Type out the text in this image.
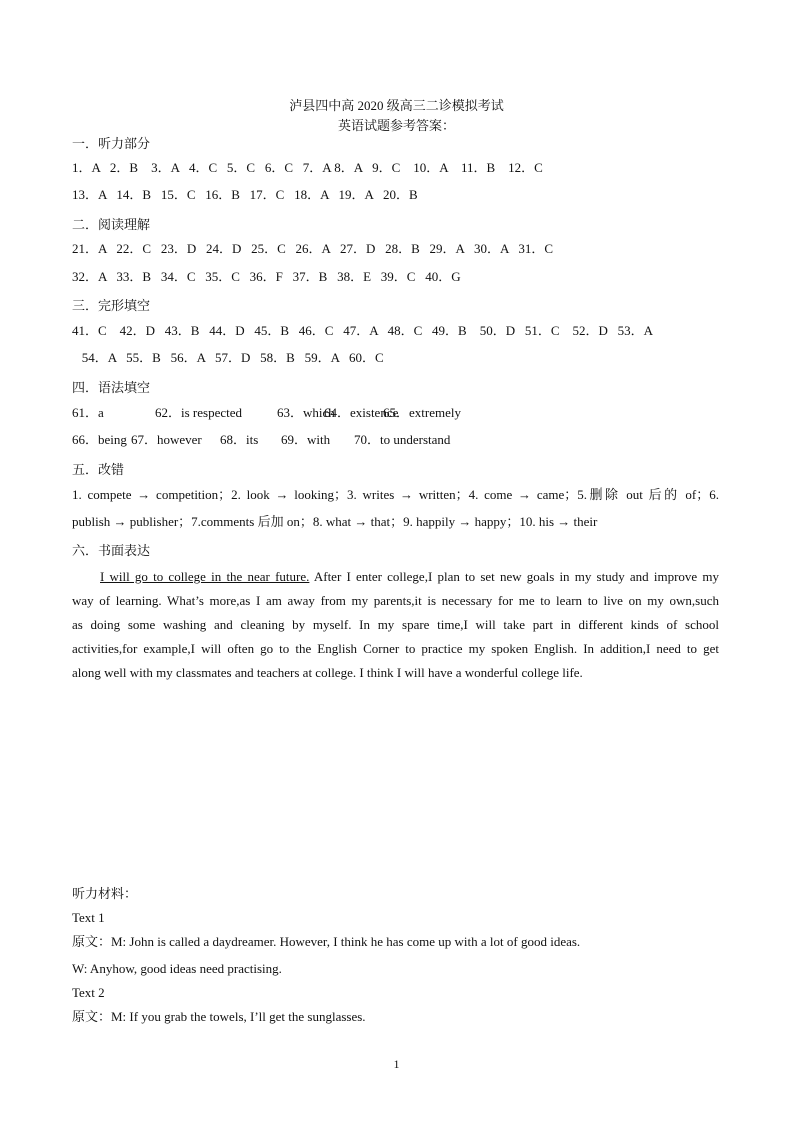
泸县四中高 2020 级高三二诊模拟考试
英语试题参考答案：
一．听力部分
1．A   2．B    3．A   4．C   5．C   6．C   7．A 8．A   9．C    10．A    11．B    12．C
13．A   14．B   15．C   16．B   17．C   18．A   19．A   20．B
二．阅读理解
21．A   22．C   23．D   24．D   25．C   26．A   27．D   28．B   29．A   30．A   31．C
32．A   33．B   34．C   35．C   36．F   37．B   38．E   39．C   40．G
三．完形填空
41．C    42．D   43．B   44．D   45．B   46．C   47．A   48．C   49．B    50．D   51．C    52．D   53．A
54．A   55．B   56．A   57．D   58．B   59．A   60．C
四．语法填空
61．a	62．is respected	63．which
64．existence
65．extremely
66．being 67．however 68．its 69．with 70．to understand
五．改错
1. compete → competition；2. look → looking；3. writes → written；4. come → came；5.删除 out 后的 of；6.
publish → publisher；7.comments 后加 on；8. what → that；9. happily → happy；10. his → their
六．书面表达
I will go to college in the near future. After I enter college,I plan to set new goals in my study and improve my
way of learning. What’s more,as I am away from my parents,it is necessary for me to learn to live on my own,such
as doing some washing and cleaning by myself. In my spare time,I will take part in different kinds of school
activities,for example,I will often go to the English Corner to practice my spoken English. In addition,I need to get
along well with my classmates and teachers at college. I think I will have a wonderful college life.
听力材料：
Text 1
原文：M: John is called a daydreamer. However, I think he has come up with a lot of good ideas.
W: Anyhow, good ideas need practising.
Text 2
原文：M: If you grab the towels, I’ll get the sunglasses.
1
